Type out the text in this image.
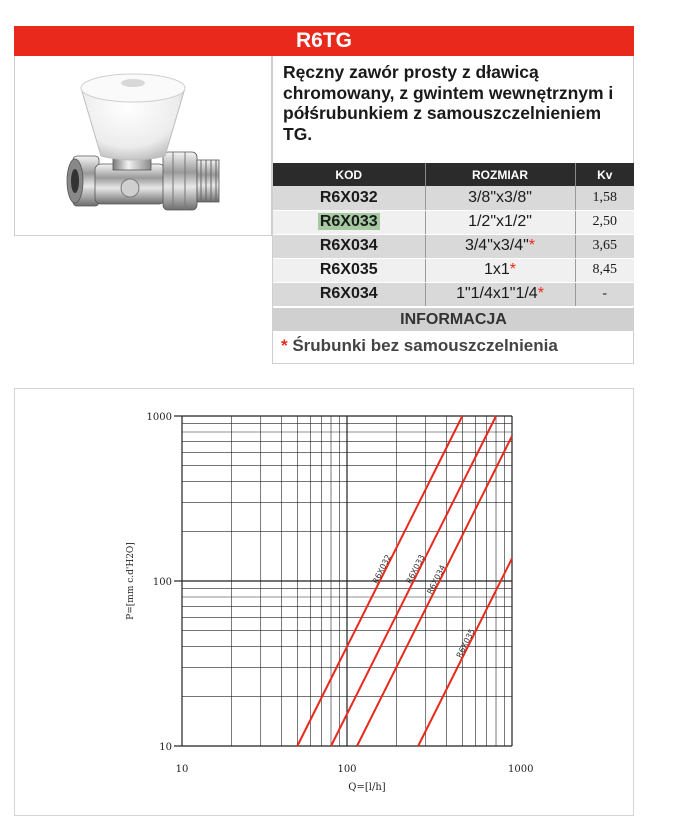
R6TG
Ręczny zawór prosty z dławicą chromowany, z gwintem wewnętrznym i półśrubunkiem z samouszczelnieniem TG.
KOD	ROZMIAR	Kv
R6X032	3/8"x3/8"	1,58
R6X033	1/2"x1/2"	2,50
R6X034	3/4"x3/4"*	3,65
R6X035	1x1*	8,45
R6X034	1"1/4x1"1/4*	-
INFORMACJA
* Śrubunki bez samouszczelnienia
R6X032 R6X033
R6X034
R6X035
10
100
1000
10	100	1000
Q=[l/h]
P=[mm c.d'H2O]
